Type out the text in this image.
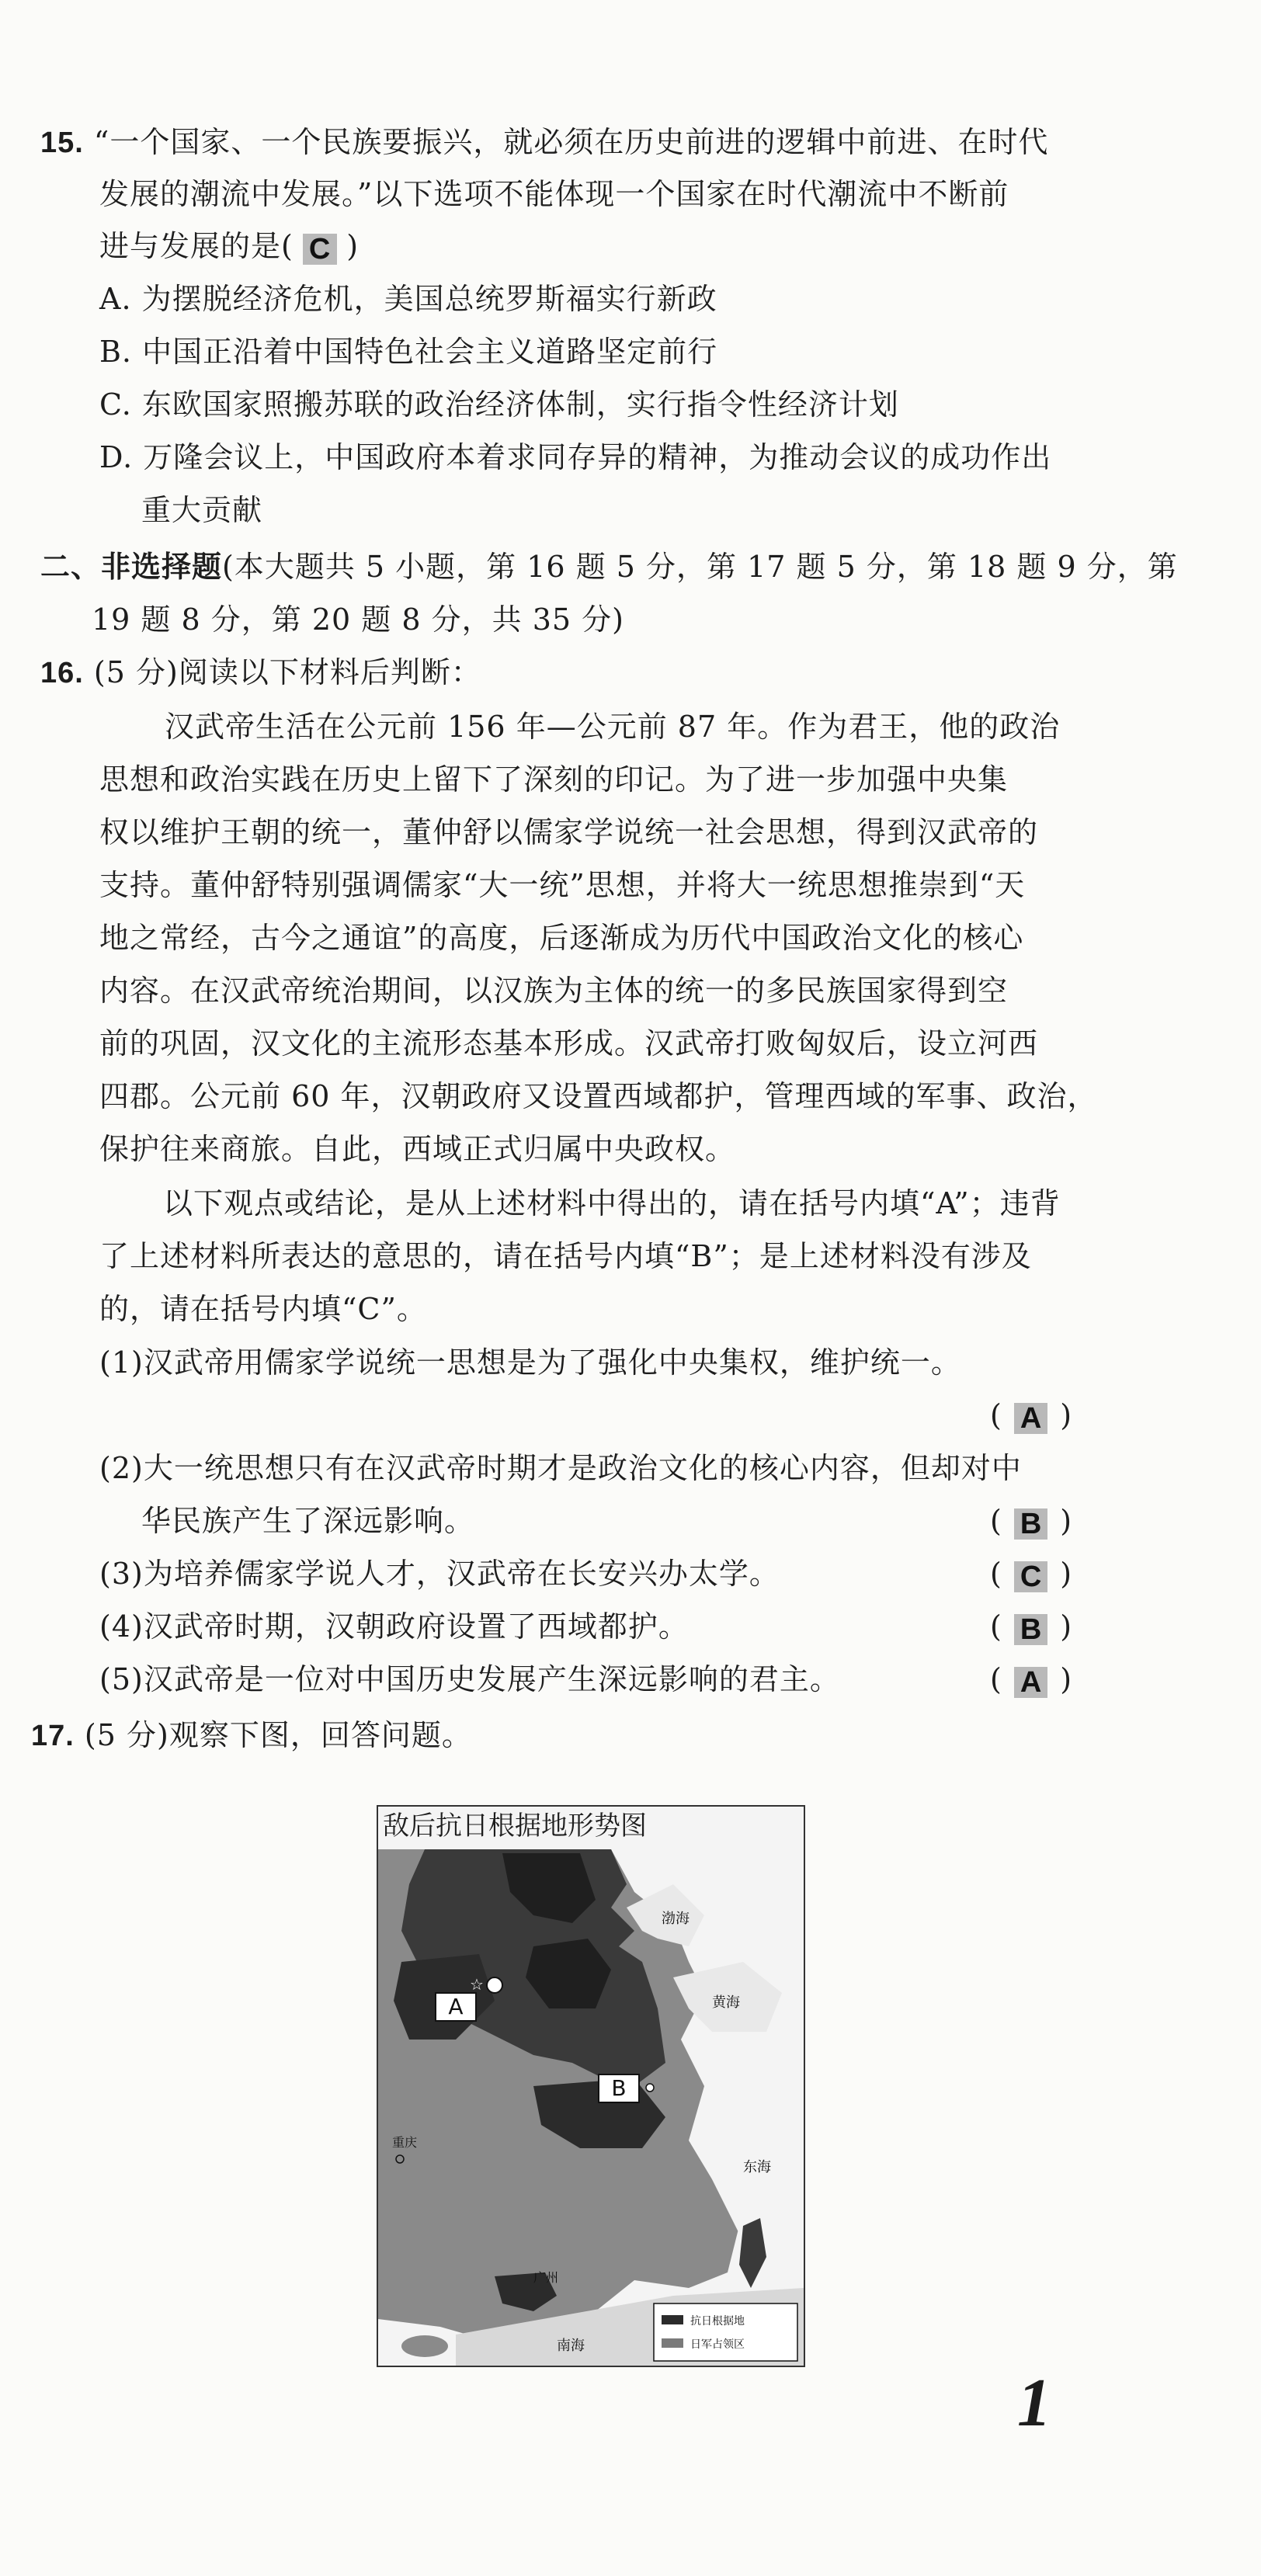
15. “一个国家、一个民族要振兴，就必须在历史前进的逻辑中前进、在时代
发展的潮流中发展。”以下选项不能体现一个国家在时代潮流中不断前
进与发展的是( C )
A. 为摆脱经济危机，美国总统罗斯福实行新政
B. 中国正沿着中国特色社会主义道路坚定前行
C. 东欧国家照搬苏联的政治经济体制，实行指令性经济计划
D. 万隆会议上，中国政府本着求同存异的精神，为推动会议的成功作出
重大贡献
二、非选择题(本大题共 5 小题，第 16 题 5 分，第 17 题 5 分，第 18 题 9 分，第
19 题 8 分，第 20 题 8 分，共 35 分)
16. (5 分)阅读以下材料后判断：
汉武帝生活在公元前 156 年—公元前 87 年。作为君王，他的政治
思想和政治实践在历史上留下了深刻的印记。为了进一步加强中央集
权以维护王朝的统一，董仲舒以儒家学说统一社会思想，得到汉武帝的
支持。董仲舒特别强调儒家“大一统”思想，并将大一统思想推崇到“天
地之常经，古今之通谊”的高度，后逐渐成为历代中国政治文化的核心
内容。在汉武帝统治期间，以汉族为主体的统一的多民族国家得到空
前的巩固，汉文化的主流形态基本形成。汉武帝打败匈奴后，设立河西
四郡。公元前 60 年，汉朝政府又设置西域都护，管理西域的军事、政治，
保护往来商旅。自此，西域正式归属中央政权。
以下观点或结论，是从上述材料中得出的，请在括号内填“A”；违背
了上述材料所表达的意思的，请在括号内填“B”；是上述材料没有涉及
的，请在括号内填“C”。
(1)汉武帝用儒家学说统一思想是为了强化中央集权，维护统一。
( A )
(2)大一统思想只有在汉武帝时期才是政治文化的核心内容，但却对中
华民族产生了深远影响。	( B )
(3)为培养儒家学说人才，汉武帝在长安兴办太学。	( C )
(4)汉武帝时期，汉朝政府设置了西域都护。	( B )
(5)汉武帝是一位对中国历史发展产生深远影响的君主。	( A )
17. (5 分)观察下图，回答问题。
A
☆
B
重庆
广州
渤海
黄海
东海
南海
抗日根据地
日军占领区
敌后抗日根据地形势图
1
